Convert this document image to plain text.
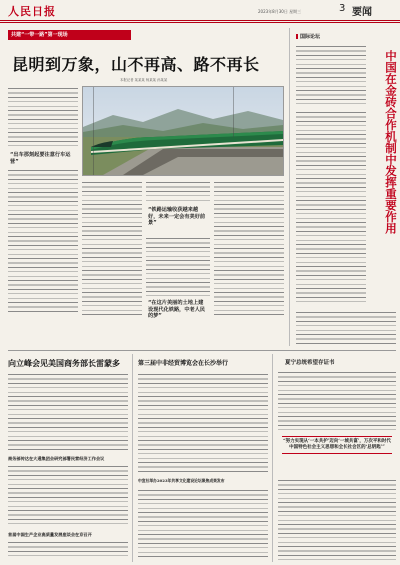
人民日报	2023年8月30日 星期三	3 要闻
共建“一带一路”第一现场
昆明到万象，山不再高、路不再长
本报记者 某某某 杨某某 孙某某
“出车那刻起要注意行车运营”
“铁路运输收获越来越好，未来一定会有美好前景”
“在这片美丽的土地上建设现代化铁路，中老人民的梦”
国际论坛
中国在金砖合作机制中发挥重要作用
向立峰会见美国商务部长雷蒙多
商务部传达在大通集团会研究部署民营经济工作会议
首届中国生产企业高质量发展座谈会在京召开
第三届中非经贸博览会在长沙举行
中宣社举办2023年共享文化建设论坛聚焦成果发布
夏宁总统希望存证书
“努力实现从‘一本共护’迈向‘一城共富’，万次平和时代中国特色社会主义思想和全长社会区的‘总钥匙’”
